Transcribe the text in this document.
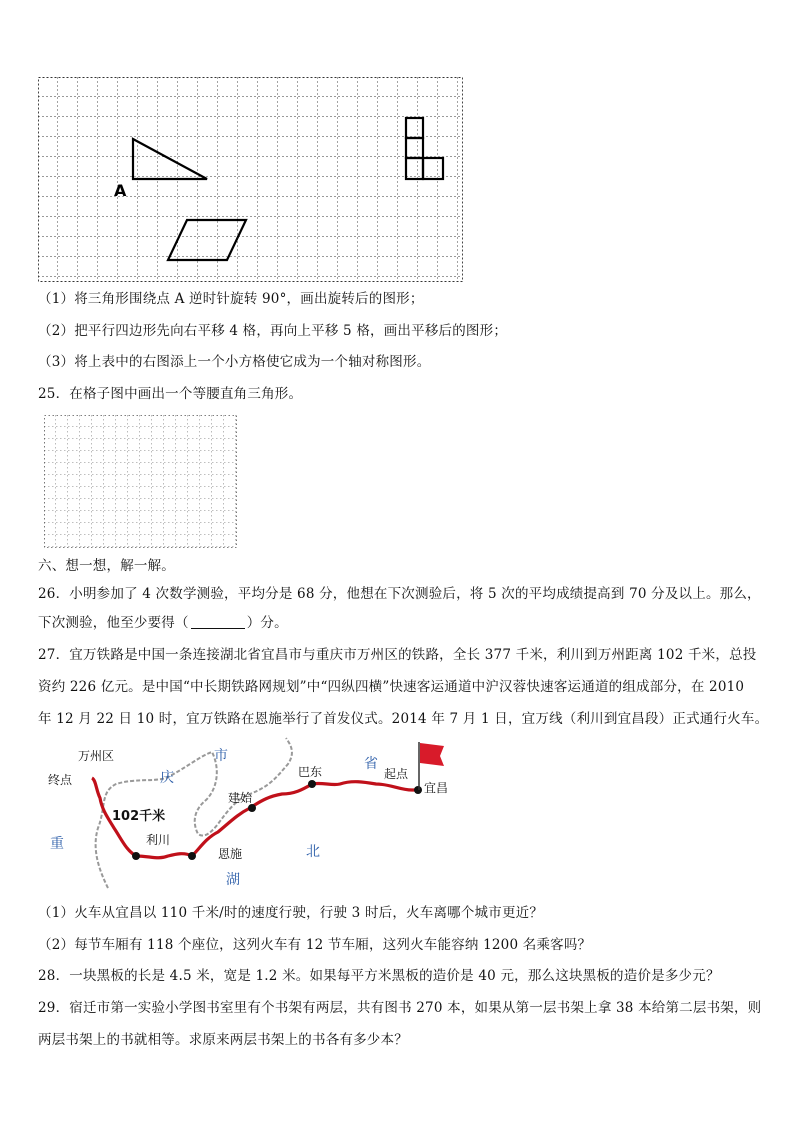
A
（1）将三角形围绕点 A 逆时针旋转 90°，画出旋转后的图形；
（2）把平行四边形先向右平移 4 格，再向上平移 5 格，画出平移后的图形；
（3）将上表中的右图添上一个小方格使它成为一个轴对称图形。
25．在格子图中画出一个等腰直角三角形。
六、想一想，解一解。
26．小明参加了 4 次数学测验，平均分是 68 分，他想在下次测验后，将 5 次的平均成绩提高到 70 分及以上。那么，
下次测验，他至少要得（	）分。
27．宜万铁路是中国一条连接湖北省宜昌市与重庆市万州区的铁路，全长 377 千米，利川到万州距离 102 千米，总投
资约 226 亿元。是中国“中长期铁路网规划”中“四纵四横”快速客运通道中沪汉蓉快速客运通道的组成部分，在 2010
年 12 月 22 日 10 时，宜万铁路在恩施举行了首发仪式。2014 年 7 月 1 日，宜万线（利川到宜昌段）正式通行火车。
万州区
终点
102千米
利川
恩施
建始
巴东	起点
宜昌
庆
市	省
重	北
湖
（1）火车从宜昌以 110 千米/时的速度行驶，行驶 3 时后，火车离哪个城市更近？
（2）每节车厢有 118 个座位，这列火车有 12 节车厢，这列火车能容纳 1200 名乘客吗？
28．一块黑板的长是 4.5 米，宽是 1.2 米。如果每平方米黑板的造价是 40 元，那么这块黑板的造价是多少元？
29．宿迁市第一实验小学图书室里有个书架有两层，共有图书 270 本，如果从第一层书架上拿 38 本给第二层书架，则
两层书架上的书就相等。求原来两层书架上的书各有多少本？
